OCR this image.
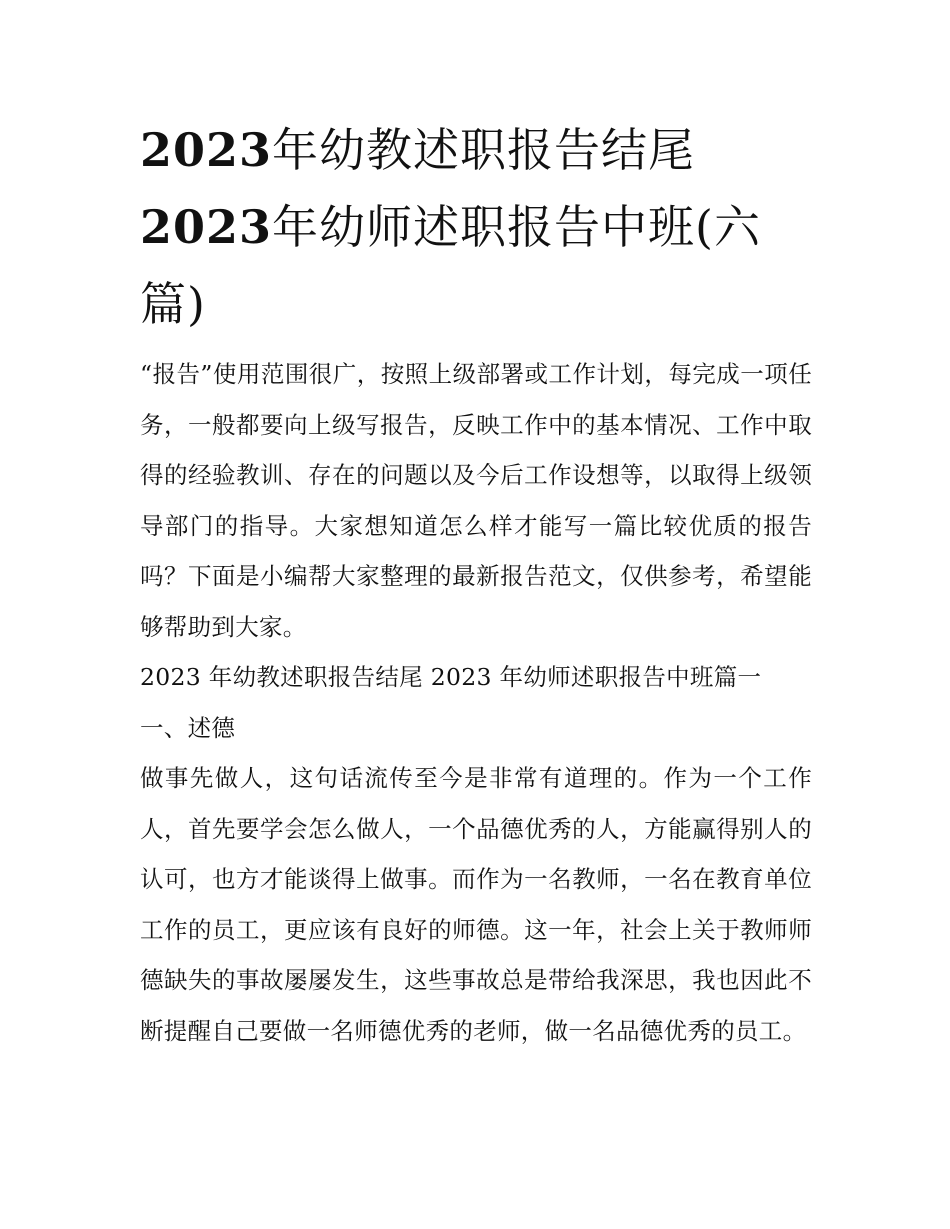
2023年幼教述职报告结尾
2023年幼师述职报告中班(六
篇)

“报告”使用范围很广，按照上级部署或工作计划，每完成一项任务，一般都要向上级写报告，反映工作中的基本情况、工作中取得的经验教训、存在的问题以及今后工作设想等，以取得上级领导部门的指导。大家想知道怎么样才能写一篇比较优质的报告吗？下面是小编帮大家整理的最新报告范文，仅供参考，希望能够帮助到大家。

2023 年幼教述职报告结尾 2023 年幼师述职报告中班篇一 一、述德

做事先做人，这句话流传至今是非常有道理的。作为一个工作人，首先要学会怎么做人，一个品德优秀的人，方能赢得别人的认可，也方才能谈得上做事。而作为一名教师，一名在教育单位工作的员工，更应该有良好的师德。这一年，社会上关于教师师德缺失的事故屡屡发生，这些事故总是带给我深思，我也因此不断提醒自己要做一名师德优秀的老师，做一名品德优秀的员工。
